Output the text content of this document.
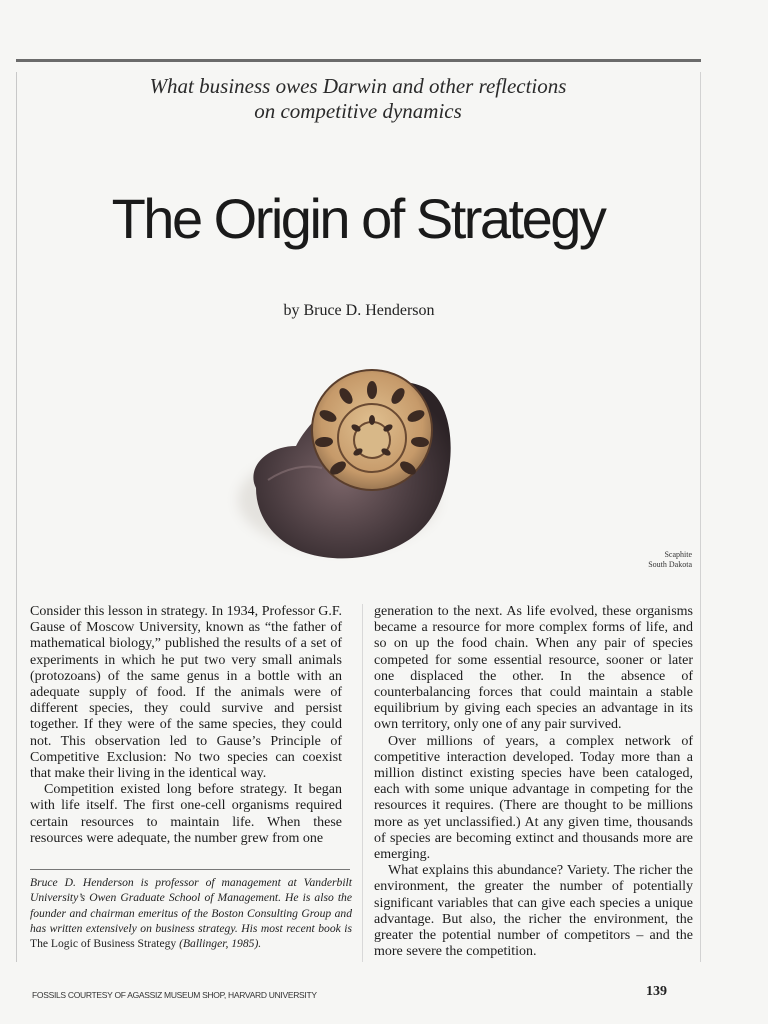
What business owes Darwin and other reflections
on competitive dynamics
The Origin of Strategy
by Bruce D. Henderson
Scaphite
South Dakota

Consider this lesson in strategy. In 1934, Professor G.F. Gause of Moscow University, known as “the father of mathematical biology,” published the results of a set of experiments in which he put two very small animals (protozoans) of the same genus in a bottle with an adequate supply of food. If the animals were of different species, they could survive and persist together. If they were of the same species, they could not. This observation led to Gause’s Principle of Competitive Exclusion: No two species can coexist that make their living in the identical way.

Competition existed long before strategy. It began with life itself. The first one-cell organisms required certain resources to maintain life. When these resources were adequate, the number grew from one

generation to the next. As life evolved, these organisms became a resource for more complex forms of life, and so on up the food chain. When any pair of species competed for some essential resource, sooner or later one displaced the other. In the absence of counterbalancing forces that could maintain a stable equilibrium by giving each species an advantage in its own territory, only one of any pair survived.

Over millions of years, a complex network of competitive interaction developed. Today more than a million distinct existing species have been cataloged, each with some unique advantage in competing for the resources it requires. (There are thought to be millions more as yet unclassified.) At any given time, thousands of species are becoming extinct and thousands more are emerging.

What explains this abundance? Variety. The richer the environment, the greater the number of potentially significant variables that can give each species a unique advantage. But also, the richer the environment, the greater the potential number of competitors – and the more severe the competition.

Bruce D. Henderson is professor of management at Vanderbilt University’s Owen Graduate School of Management. He is also the founder and chairman emeritus of the Boston Consulting Group and has written extensively on business strategy. His most recent book is The Logic of Business Strategy (Ballinger, 1985).
FOSSILS COURTESY OF AGASSIZ MUSEUM SHOP, HARVARD UNIVERSITY	139
